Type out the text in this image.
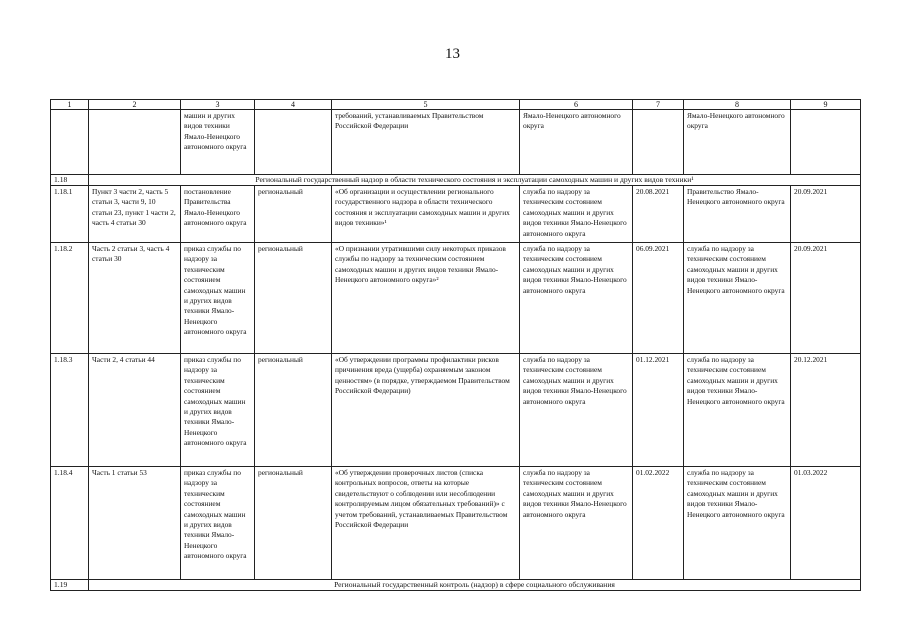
13
1	2	3	4	5	6	7	8	9
		машин и других видов техники Ямало-Ненецкого автономного округа		требований, устанавливаемых Правительством Российской Федерации	Ямало-Ненецкого автономного округа		Ямало-Ненецкого автономного округа	
1.18	Региональный государственный надзор в области технического состояния и эксплуатации самоходных машин и других видов техники¹							
1.18.1	Пункт 3 части 2, часть 5 статьи 3, части 9, 10 статьи 23, пункт 1 части 2, часть 4 статьи 30	постановление Правительства Ямало-Ненецкого автономного округа	региональный	«Об организации и осуществлении регионального государственного надзора в области технического состояния и эксплуатации самоходных машин и других видов техники»¹	служба по надзору за техническим состоянием самоходных машин и других видов техники Ямало-Ненецкого автономного округа	20.08.2021	Правительство Ямало-Ненецкого автономного округа	20.09.2021
1.18.2	Часть 2 статьи 3, часть 4 статьи 30	приказ службы по надзору за техническим состоянием самоходных машин и других видов техники Ямало-Ненецкого автономного округа	региональный	«О признании утратившими силу некоторых приказов службы по надзору за техническим состоянием самоходных машин и других видов техники Ямало-Ненецкого автономного округа»²	служба по надзору за техническим состоянием самоходных машин и других видов техники Ямало-Ненецкого автономного округа	06.09.2021	служба по надзору за техническим состоянием самоходных машин и других видов техники Ямало-Ненецкого автономного округа	20.09.2021
1.18.3	Части 2, 4 статьи 44	приказ службы по надзору за техническим состоянием самоходных машин и других видов техники Ямало-Ненецкого автономного округа	региональный	«Об утверждении программы профилактики рисков причинения вреда (ущерба) охраняемым законом ценностям» (в порядке, утверждаемом Правительством Российской Федерации)	служба по надзору за техническим состоянием самоходных машин и других видов техники Ямало-Ненецкого автономного округа	01.12.2021	служба по надзору за техническим состоянием самоходных машин и других видов техники Ямало-Ненецкого автономного округа	20.12.2021
1.18.4	Часть 1 статьи 53	приказ службы по надзору за техническим состоянием самоходных машин и других видов техники Ямало-Ненецкого автономного округа	региональный	«Об утверждении проверочных листов (списка контрольных вопросов, ответы на которые свидетельствуют о соблюдении или несоблюдении контролируемым лицом обязательных требований)» с учетом требований, устанавливаемых Правительством Российской Федерации	служба по надзору за техническим состоянием самоходных машин и других видов техники Ямало-Ненецкого автономного округа	01.02.2022	служба по надзору за техническим состоянием самоходных машин и других видов техники Ямало-Ненецкого автономного округа	01.03.2022
1.19	Региональный государственный контроль (надзор) в сфере социального обслуживания							
